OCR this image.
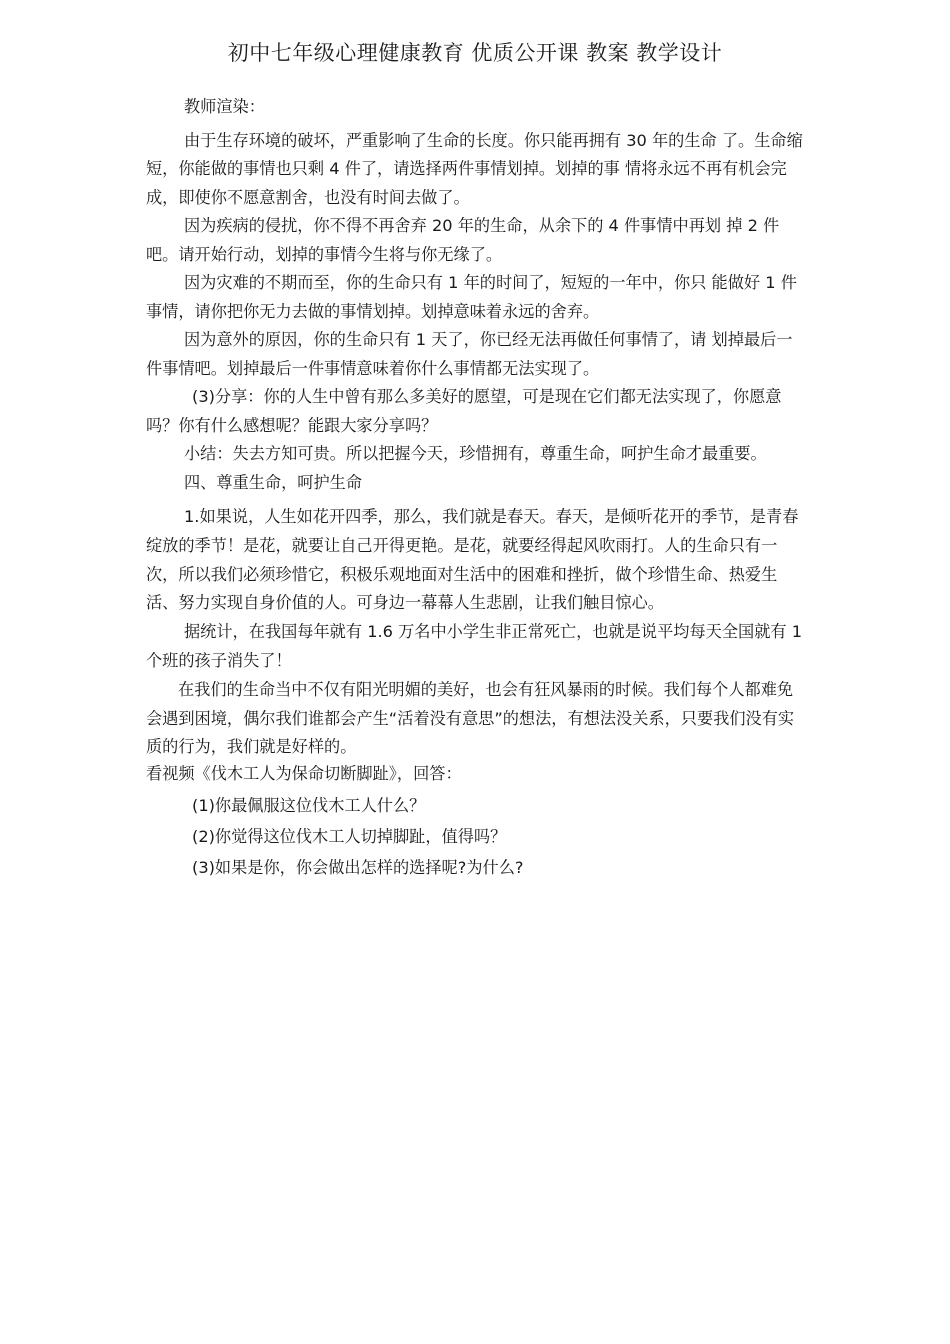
初中七年级心理健康教育 优质公开课 教案 教学设计

教师渲染：

由于生存环境的破坏，严重影响了生命的长度。你只能再拥有 30 年的生命 了。生命缩短，你能做的事情也只剩 4 件了，请选择两件事情划掉。划掉的事 情将永远不再有机会完成，即使你不愿意割舍，也没有时间去做了。

因为疾病的侵扰，你不得不再舍弃 20 年的生命，从余下的 4 件事情中再划 掉 2 件吧。请开始行动，划掉的事情今生将与你无缘了。

因为灾难的不期而至，你的生命只有 1 年的时间了，短短的一年中，你只 能做好 1 件事情，请你把你无力去做的事情划掉。划掉意味着永远的舍弃。

因为意外的原因，你的生命只有 1 天了，你已经无法再做任何事情了，请 划掉最后一件事情吧。划掉最后一件事情意味着你什么事情都无法实现了。

(3)分享：你的人生中曾有那么多美好的愿望，可是现在它们都无法实现了，你愿意吗？你有什么感想呢？能跟大家分享吗？

小结：失去方知可贵。所以把握今天，珍惜拥有，尊重生命，呵护生命才最重要。

四、尊重生命，呵护生命

1.如果说，人生如花开四季，那么，我们就是春天。春天，是倾听花开的季节，是青春绽放的季节！是花，就要让自己开得更艳。是花，就要经得起风吹雨打。人的生命只有一次，所以我们必须珍惜它，积极乐观地面对生活中的困难和挫折，做个珍惜生命、热爱生活、努力实现自身价值的人。可身边一幕幕人生悲剧，让我们触目惊心。

据统计，在我国每年就有 1.6 万名中小学生非正常死亡，也就是说平均每天全国就有 1 个班的孩子消失了！

在我们的生命当中不仅有阳光明媚的美好，也会有狂风暴雨的时候。我们每个人都难免会遇到困境，偶尔我们谁都会产生“活着没有意思”的想法，有想法没关系，只要我们没有实质的行为，我们就是好样的。

看视频《伐木工人为保命切断脚趾》，回答：

(1)你最佩服这位伐木工人什么？

(2)你觉得这位伐木工人切掉脚趾，值得吗？

(3)如果是你，你会做出怎样的选择呢?为什么?
